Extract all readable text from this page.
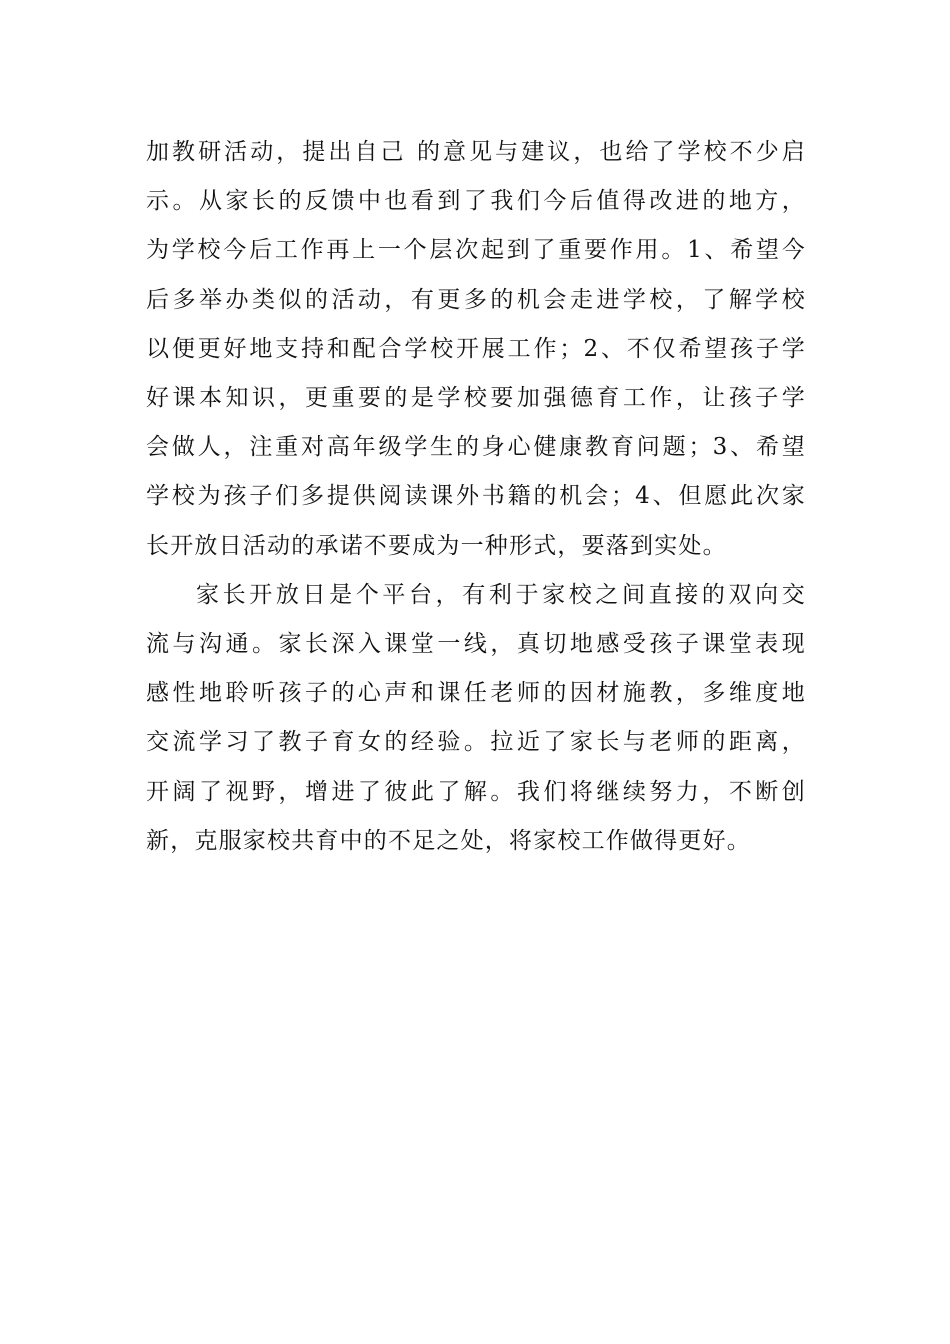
加教研活动，提出自己 的意见与建议，也给了学校不少启
示。从家长的反馈中也看到了我们今后值得改进的地方，
为学校今后工作再上一个层次起到了重要作用。1、希望今
后多举办类似的活动，有更多的机会走进学校，了解学校
以便更好地支持和配合学校开展工作；2、不仅希望孩子学
好课本知识，更重要的是学校要加强德育工作，让孩子学
会做人，注重对高年级学生的身心健康教育问题；3、希望
学校为孩子们多提供阅读课外书籍的机会；4、但愿此次家
长开放日活动的承诺不要成为一种形式，要落到实处。
家长开放日是个平台，有利于家校之间直接的双向交
流与沟通。家长深入课堂一线，真切地感受孩子课堂表现
感性地聆听孩子的心声和课任老师的因材施教，多维度地
交流学习了教子育女的经验。拉近了家长与老师的距离，
开阔了视野，增进了彼此了解。我们将继续努力，不断创
新，克服家校共育中的不足之处，将家校工作做得更好。
